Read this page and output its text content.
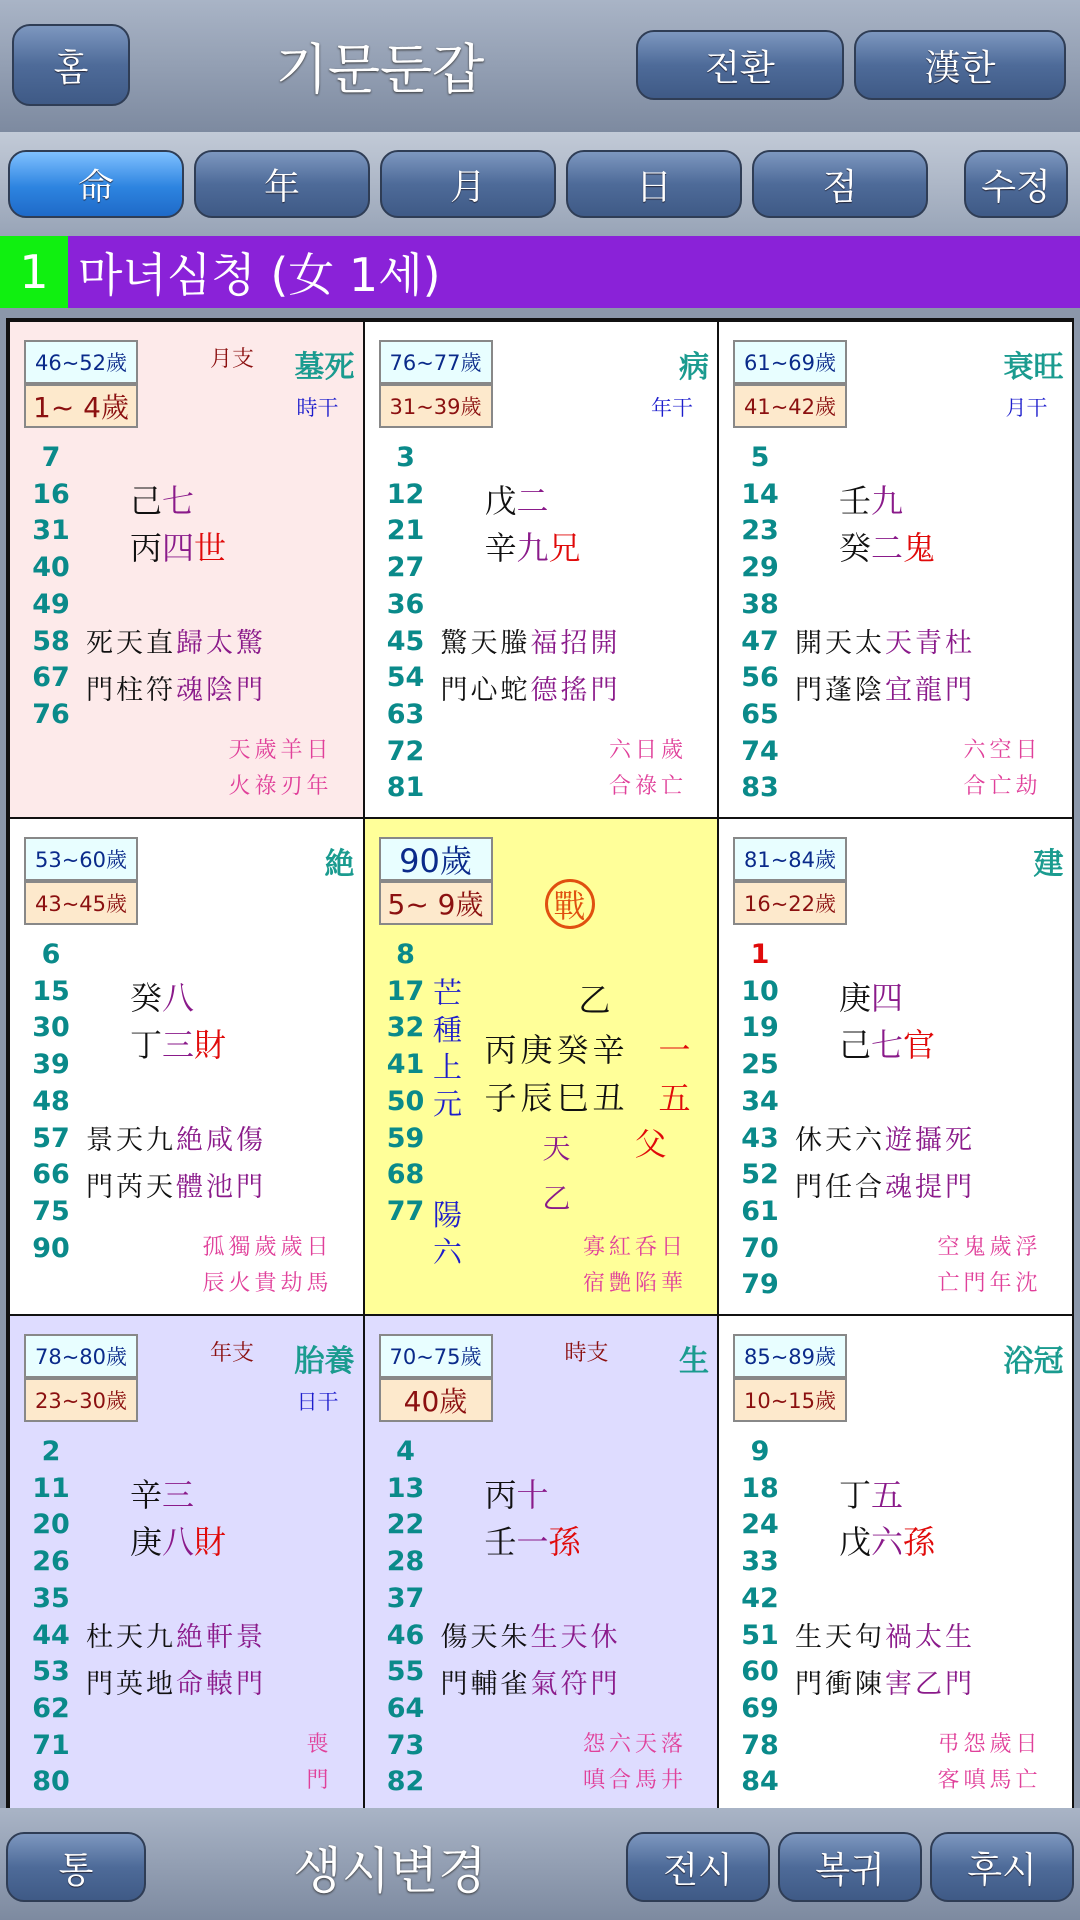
홈	기문둔갑	전환	漢한
命	年	月	日	점	수정
1 마녀심청 (女 1세)
46~52歲
1~ 4歲
7
16
31
40
49
58
67
76
月支 墓死
時干
己七
丙四世
死天直歸太驚
門柱符魂陰門
天歲羊日
火祿刃年
76~77歲
31~39歲
3
12
21
27
36
45
54
63
72
81
病
年干
戊二
辛九兄
驚天螣福招開
門心蛇德搖門
六日歲
合祿亡
61~69歲
41~42歲
5
14
23
29
38
47
56
65
74
83
衰旺
月干
壬九
癸二鬼
開天太天青杜
門蓬陰宜龍門
六空日
合亡劫
53~60歲
43~45歲
6
15
30
39
48
57
66
75
90
絶
癸八
丁三財
景天九絶咸傷
門芮天體池門
孤獨歲歲日
辰火貴劫馬
90歲
5~ 9歲
8
17
32
41
50
59
68
77
戰
芒
種
上
元
陽
六
乙
丙庚癸辛
子辰巳丑
一
五
天 父
乙
寡紅呑日
宿艶陷華
81~84歲
16~22歲
1
10
19
25
34
43
52
61
70
79
建
庚四
己七官
休天六遊攝死
門任合魂提門
空鬼歲浮
亡門年沈
78~80歲
23~30歲
2
11
20
26
35
44
53
62
71
80
年支 胎養
日干
辛三
庚八財
杜天九絶軒景
門英地命轅門
喪
門
70~75歲
40歲
4
13
22
28
37
46
55
64
73
82
時支 生
丙十
壬一孫
傷天朱生天休
門輔雀氣符門
怨六天落
嗔合馬井
85~89歲
10~15歲
9
18
24
33
42
51
60
69
78
84
浴冠
丁五
戊六孫
生天句禍太生
門衝陳害乙門
弔怨歲日
客嗔馬亡
통	생시변경	전시	복귀	후시
